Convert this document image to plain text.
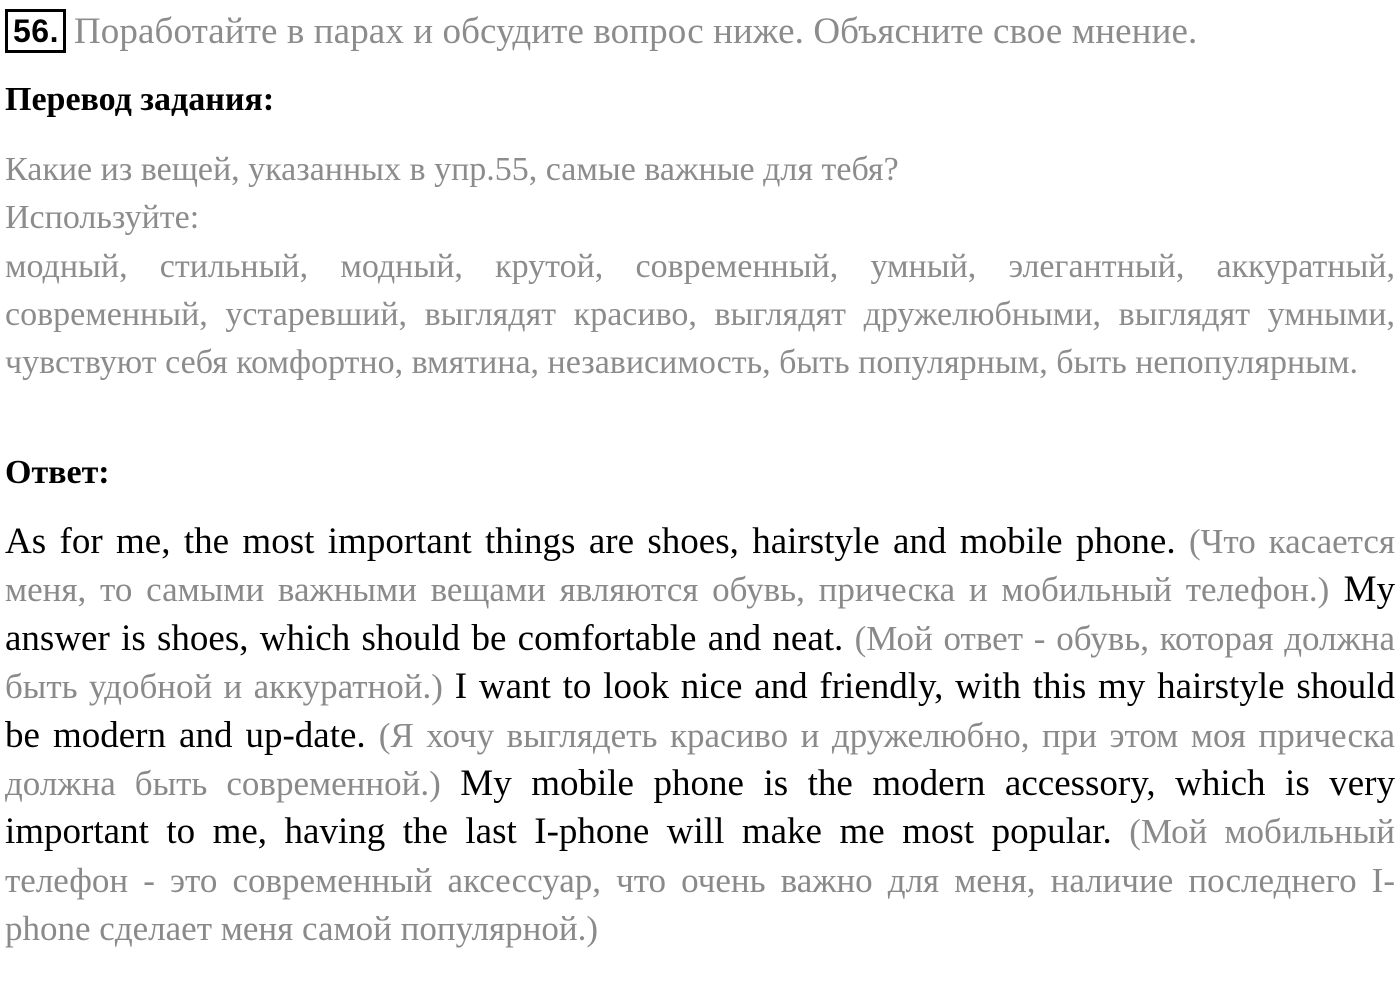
56. Поработайте в парах и обсудите вопрос ниже. Объясните свое мнение.
Перевод задания:
Какие из вещей, указанных в упр.55, самые важные для тебя?
Используйте:
модный, стильный, модный, крутой, современный, умный, элегантный, аккуратный, современный, устаревший, выглядят красиво, выглядят дружелюбными, выглядят умными, чувствуют себя комфортно, вмятина, независимость, быть популярным, быть непопулярным.
Ответ:
As for me, the most important things are shoes, hairstyle and mobile phone. (Что касается меня, то самыми важными вещами являются обувь, прическа и мобильный телефон.) My answer is shoes, which should be comfortable and neat. (Мой ответ - обувь, которая должна быть удобной и аккуратной.) I want to look nice and friendly, with this my hairstyle should be modern and up-date. (Я хочу выглядеть красиво и дружелюбно, при этом моя прическа должна быть современной.) My mobile phone is the modern accessory, which is very important to me, having the last I-phone will make me most popular. (Мой мобильный телефон - это современный аксессуар, что очень важно для меня, наличие последнего I-phone сделает меня самой популярной.)
